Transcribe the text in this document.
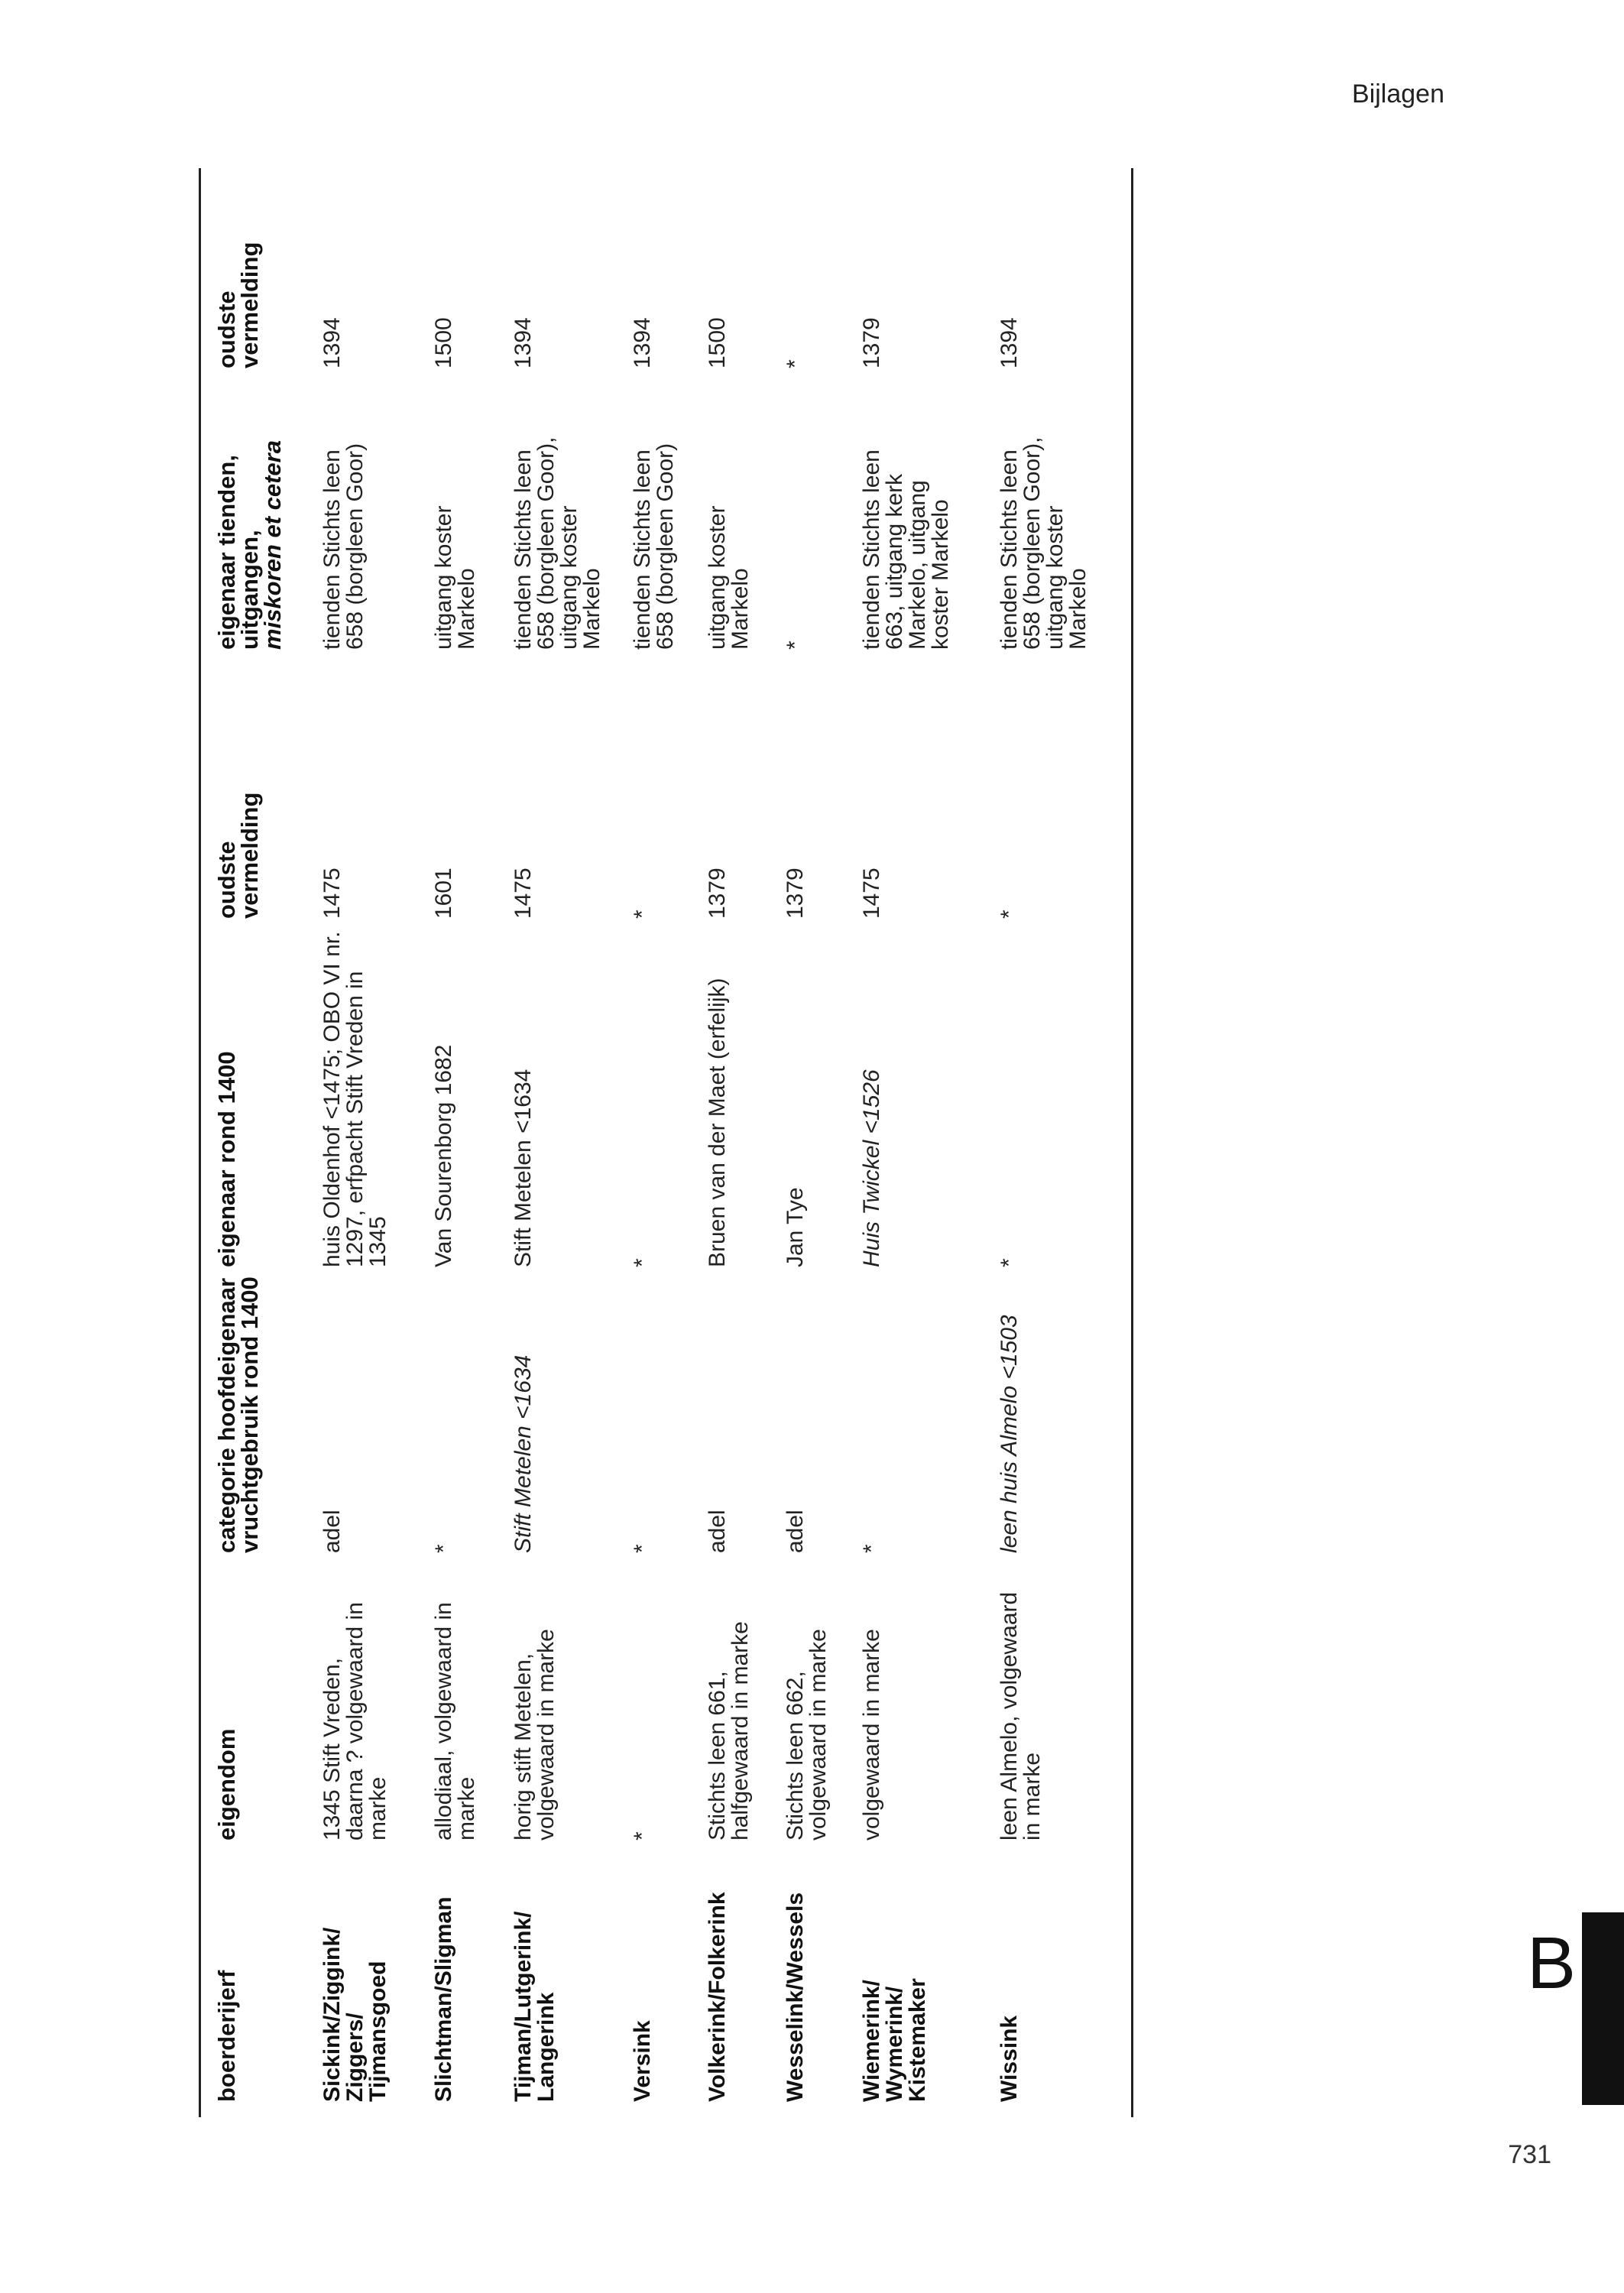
Bijlagen
boerderijerf
eigendom
categorie hoofdeigenaar vruchtgebruik rond 1400
eigenaar rond 1400
oudste vermelding
eigenaar tienden, uitgangen,
miskoren et cetera
oudste vermelding
Sickink/Ziggink/ Ziggers/ Tijmansgoed
1345 Stift Vreden, daarna ? volgewaard in marke
adel
huis Oldenhof <1475; OBO VI nr. 1297, erfpacht Stift Vreden in 1345
1475
tienden Stichts leen 658 (borgleen Goor)
1394
Slichtman/Sligman
allodiaal, volgewaard in marke
*
Van Sourenborg 1682
1601
uitgang koster Markelo
1500
Tijman/Lutgerink/ Langerink
horig stift Metelen, volgewaard in marke
Stift Metelen <1634
Stift Metelen <1634
1475
tienden Stichts leen 658 (borgleen Goor), uitgang koster Markelo
1394
Versink
*
*
*
*
tienden Stichts leen 658 (borgleen Goor)
1394
Volkerink/Folkerink
Stichts leen 661, halfgewaard in marke
adel
Bruen van der Maet (erfelijk)
1379
uitgang koster Markelo
1500
Wesselink/Wessels
Stichts leen 662, volgewaard in marke
adel
Jan Tye
1379
*
*
Wiemerink/ Wymerink/ Kistemaker
volgewaard in marke
*
Huis Twickel <1526
1475
tienden Stichts leen 663, uitgang kerk Markelo, uitgang koster Markelo
1379
Wissink
leen Almelo, volgewaard in marke
leen huis Almelo <1503
*
*
tienden Stichts leen 658 (borgleen Goor), uitgang koster Markelo
1394
B
731
